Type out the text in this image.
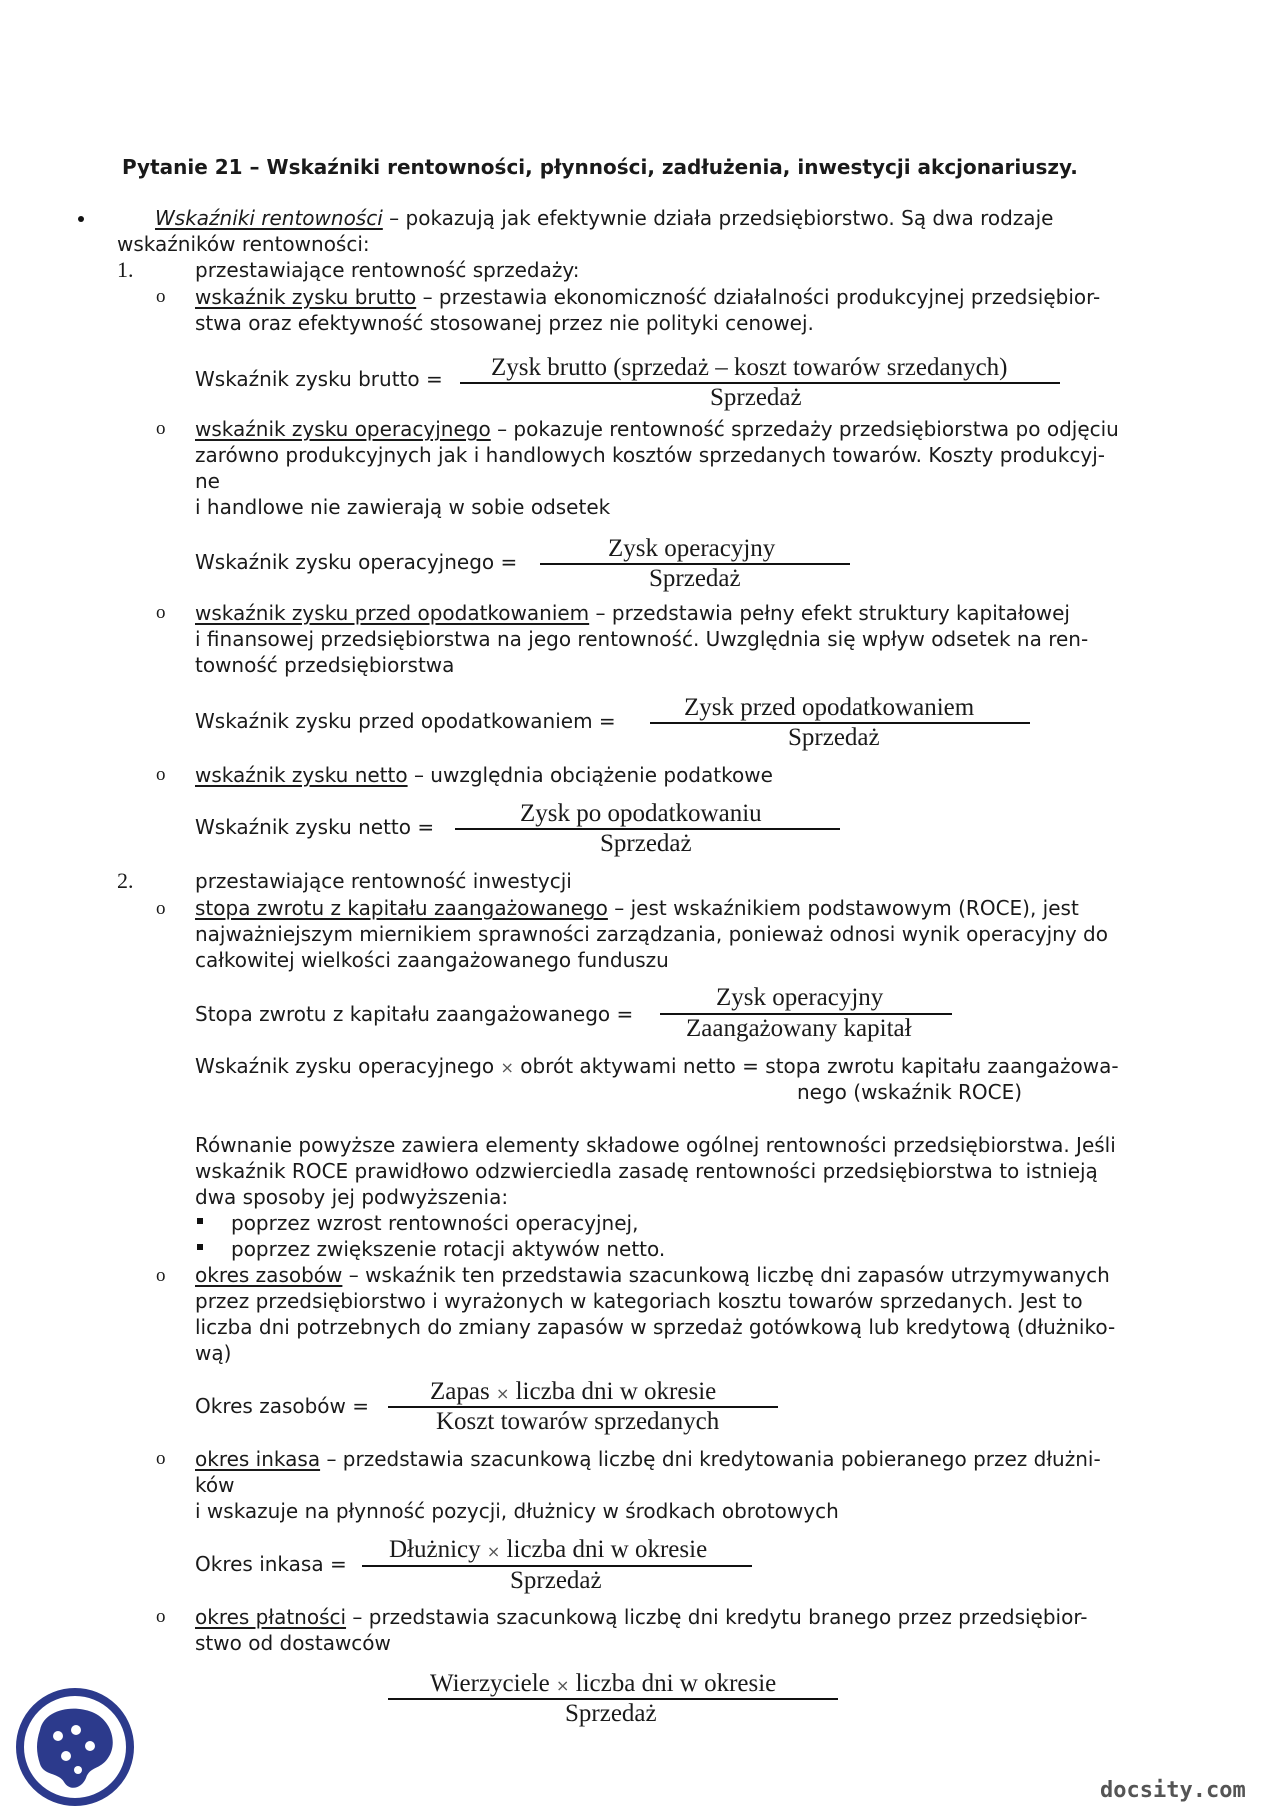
Pytanie 21 – Wskaźniki rentowności, płynności, zadłużenia, inwestycji akcjonariuszy.
Wskaźniki rentowności – pokazują jak efektywnie działa przedsiębiorstwo. Są dwa rodzaje
wskaźników rentowności:
1.	przestawiające rentowność sprzedaży:
o wskaźnik zysku brutto – przestawia ekonomiczność działalności produkcyjnej przedsiębior-
stwa oraz efektywność stosowanej przez nie polityki cenowej.
Wskaźnik zysku brutto = Zysk brutto (sprzedaż – koszt towarów srzedanych)
Sprzedaż
o wskaźnik zysku operacyjnego – pokazuje rentowność sprzedaży przedsiębiorstwa po odjęciu
zarówno produkcyjnych jak i handlowych kosztów sprzedanych towarów. Koszty produkcyj-
ne
i handlowe nie zawierają w sobie odsetek
Wskaźnik zysku operacyjnego =	Zysk operacyjny
Sprzedaż
o wskaźnik zysku przed opodatkowaniem – przedstawia pełny efekt struktury kapitałowej
i finansowej przedsiębiorstwa na jego rentowność. Uwzględnia się wpływ odsetek na ren-
towność przedsiębiorstwa
Wskaźnik zysku przed opodatkowaniem =	Zysk przed opodatkowaniem
Sprzedaż
o wskaźnik zysku netto – uwzględnia obciążenie podatkowe
Wskaźnik zysku netto =	Zysk po opodatkowaniu
Sprzedaż
2.	przestawiające rentowność inwestycji
o stopa zwrotu z kapitału zaangażowanego – jest wskaźnikiem podstawowym (ROCE), jest
najważniejszym miernikiem sprawności zarządzania, ponieważ odnosi wynik operacyjny do
całkowitej wielkości zaangażowanego funduszu
Stopa zwrotu z kapitału zaangażowanego =
Zysk operacyjny
Zaangażowany kapitał
Wskaźnik zysku operacyjnego × obrót aktywami netto = stopa zwrotu kapitału zaangażowa-
nego (wskaźnik ROCE)
Równanie powyższe zawiera elementy składowe ogólnej rentowności przedsiębiorstwa. Jeśli
wskaźnik ROCE prawidłowo odzwierciedla zasadę rentowności przedsiębiorstwa to istnieją
dwa sposoby jej podwyższenia:
poprzez wzrost rentowności operacyjnej,
poprzez zwiększenie rotacji aktywów netto.
o okres zasobów – wskaźnik ten przedstawia szacunkową liczbę dni zapasów utrzymywanych
przez przedsiębiorstwo i wyrażonych w kategoriach kosztu towarów sprzedanych. Jest to
liczba dni potrzebnych do zmiany zapasów w sprzedaż gotówkową lub kredytową (dłużniko-
wą)
Okres zasobów =
Zapas × liczba dni w okresie
Koszt towarów sprzedanych
o okres inkasa – przedstawia szacunkową liczbę dni kredytowania pobieranego przez dłużni-
ków
i wskazuje na płynność pozycji, dłużnicy w środkach obrotowych
Okres inkasa =
Dłużnicy × liczba dni w okresie
Sprzedaż
o okres płatności – przedstawia szacunkową liczbę dni kredytu branego przez przedsiębior-
stwo od dostawców
Wierzyciele × liczba dni w okresie
Sprzedaż
docsity.com
